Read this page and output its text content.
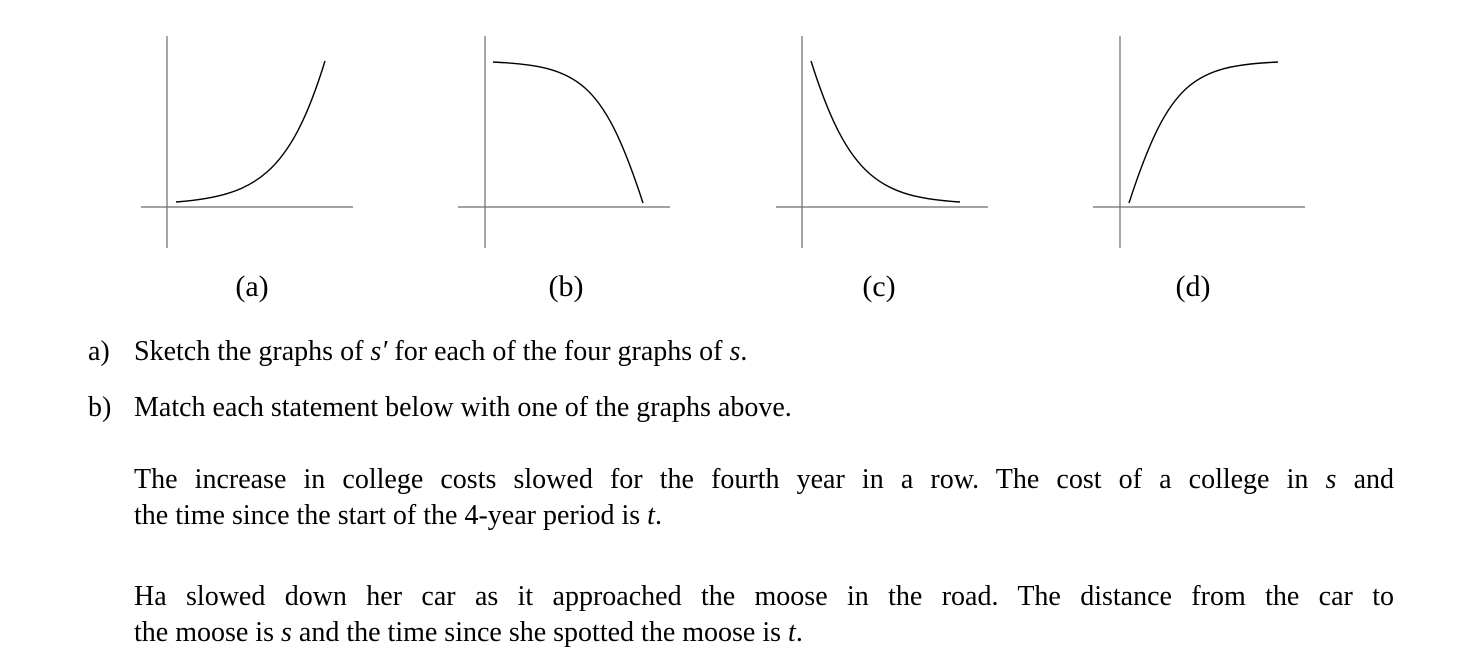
(a)	(b)	(c)	(d)
a) Sketch the graphs of s′ for each of the four graphs of s.
b) Match each statement below with one of the graphs above.

The increase in college costs slowed for the fourth year in a row. The cost of a college in s and

the time since the start of the 4-year period is t.

Ha slowed down her car as it approached the moose in the road. The distance from the car to

the moose is s and the time since she spotted the moose is t.
